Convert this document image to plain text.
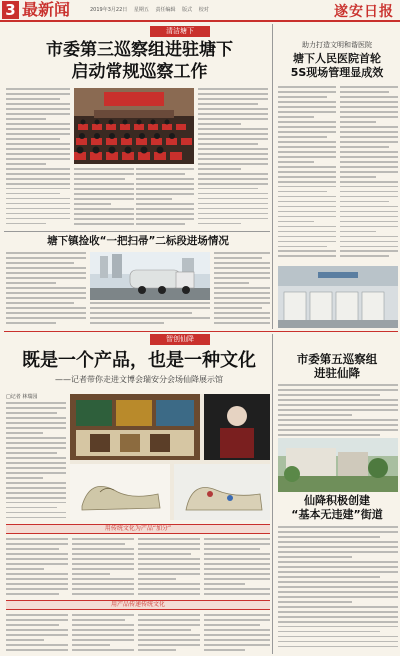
3 最新闻	2019年3月22日 星期五 责任编辑 版式 校对	遂安日报
清洁塘下
市委第三巡察组进驻塘下
启动常规巡察工作
助力打造文明和谐医院
塘下人民医院首轮
5S现场管理显成效
塘下镇捡收“一把扫帚”二标段进场情况
智创仙降
既是一个产品，也是一种文化
——记者带你走进文博会瑞安分会场仙降展示馆
□记者 林瑞园
用传统文化为产品“加分”
用产品传递传统文化
市委第五巡察组
进驻仙降
仙降积极创建
“基本无违建”街道
